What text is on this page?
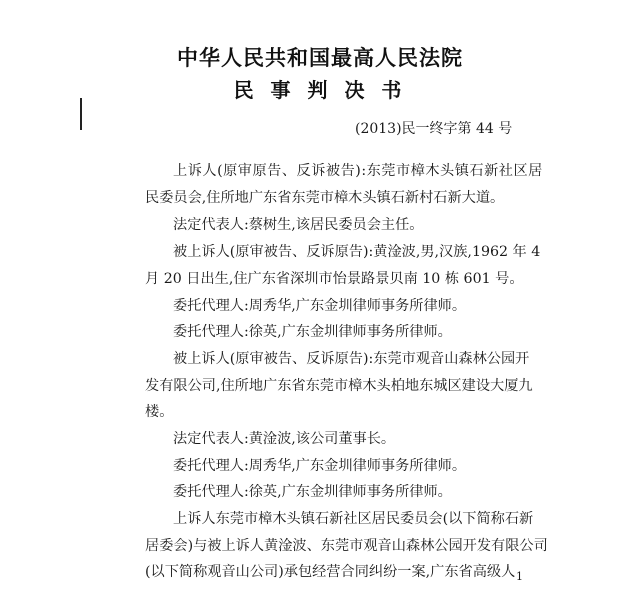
中华人民共和国最高人民法院
民 事 判 决 书
(2013)民一终字第 44 号
上诉人(原审原告、反诉被告):东莞市樟木头镇石新社区居
民委员会,住所地广东省东莞市樟木头镇石新村石新大道。
法定代表人:蔡树生,该居民委员会主任。
被上诉人(原审被告、反诉原告):黄淦波,男,汉族,1962 年 4
月 20 日出生,住广东省深圳市怡景路景贝南 10 栋 601 号。
委托代理人:周秀华,广东金圳律师事务所律师。
委托代理人:徐英,广东金圳律师事务所律师。
被上诉人(原审被告、反诉原告):东莞市观音山森林公园开
发有限公司,住所地广东省东莞市樟木头柏地东城区建设大厦九
楼。
法定代表人:黄淦波,该公司董事长。
委托代理人:周秀华,广东金圳律师事务所律师。
委托代理人:徐英,广东金圳律师事务所律师。
上诉人东莞市樟木头镇石新社区居民委员会(以下简称石新
居委会)与被上诉人黄淦波、东莞市观音山森林公园开发有限公司
(以下简称观音山公司)承包经营合同纠纷一案,广东省高级人 1
